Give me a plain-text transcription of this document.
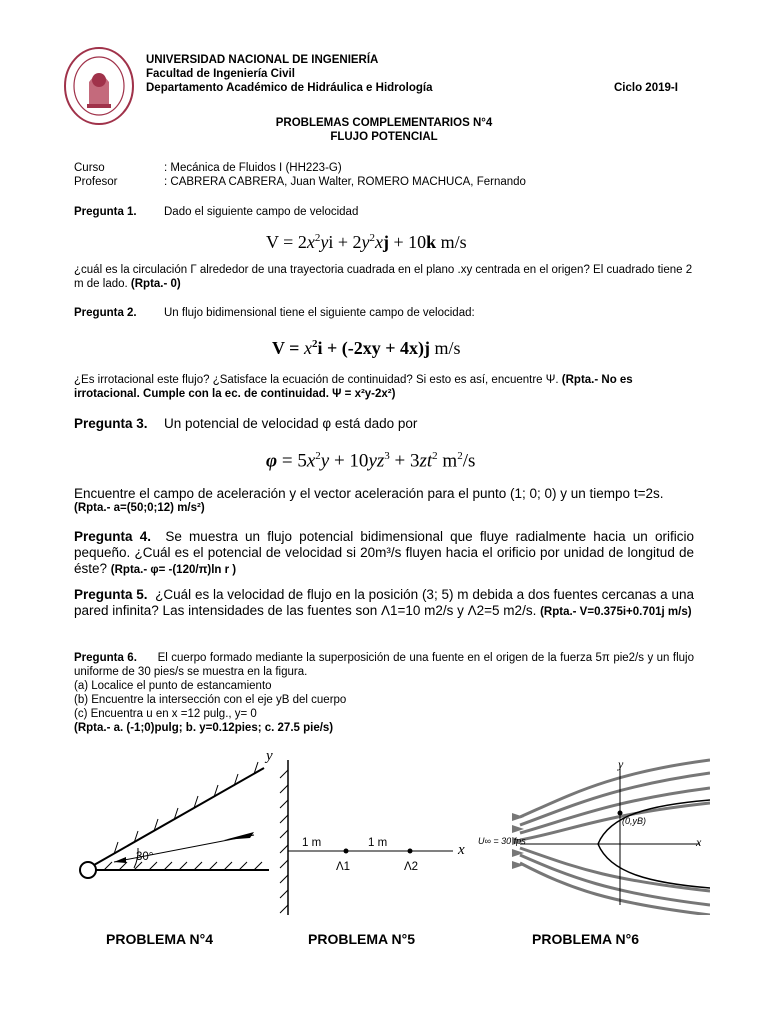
UNIVERSIDAD NACIONAL DE INGENIERÍA
Facultad de Ingeniería Civil
Departamento Académico de Hidráulica e Hidrología	Ciclo 2019-I
PROBLEMAS COMPLEMENTARIOS N°4
FLUJO POTENCIAL
Curso	: Mecánica de Fluidos I (HH223-G)
Profesor	: CABRERA CABRERA, Juan Walter, ROMERO MACHUCA, Fernando
Pregunta 1. Dado el siguiente campo de velocidad
$V = 2x^2yi + 2y^2xj + 10k$ m/s
¿cuál es la circulación Γ alrededor de una trayectoria cuadrada en el plano .xy centrada en el origen? El cuadrado tiene 2 m de lado. (Rpta.- 0)
Pregunta 2. Un flujo bidimensional tiene el siguiente campo de velocidad:
$V = x^2i + (-2xy + 4x)j$ m/s
¿Es irrotacional este flujo? ¿Satisface la ecuación de continuidad? Si esto es así, encuentre Ψ. (Rpta.- No es irrotacional. Cumple con la ec. de continuidad. Ψ = x²y-2x²)
Pregunta 3. Un potencial de velocidad φ está dado por
$\varphi = 5x^2y + 10yz^3 + 3zt^2$ $m^2/s$
Encuentre el campo de aceleración y el vector aceleración para el punto (1; 0; 0) y un tiempo t=2s.
(Rpta.- a=(50;0;12) m/s²)
Pregunta 4. Se muestra un flujo potencial bidimensional que fluye radialmente hacia un orificio pequeño. ¿Cuál es el potencial de velocidad si 20m³/s fluyen hacia el orificio por unidad de longitud de éste? (Rpta.- φ= -(120/π)ln r )
Pregunta 5. ¿Cuál es la velocidad de flujo en la posición (3; 5) m debida a dos fuentes cercanas a una pared infinita? Las intensidades de las fuentes son Λ1=10 m2/s y Λ2=5 m2/s. (Rpta.- V=0.375i+0.701j m/s)
Pregunta 6. El cuerpo formado mediante la superposición de una fuente en el origen de la fuerza 5π pie2/s y un flujo uniforme de 30 pies/s se muestra en la figura.
(a) Localice el punto de estancamiento
(b) Encuentre la intersección con el eje yB del cuerpo
(c) Encuentra u en x =12 pulg., y= 0
(Rpta.- a. (-1;0)pulg; b. y=0.12pies; c. 27.5 pie/s)
30°
y
x
1 m	1 m
Λ1	Λ2
y
x
(0,yB)
U∞ = 30 fps
PROBLEMA N°4	PROBLEMA N°5	PROBLEMA N°6
